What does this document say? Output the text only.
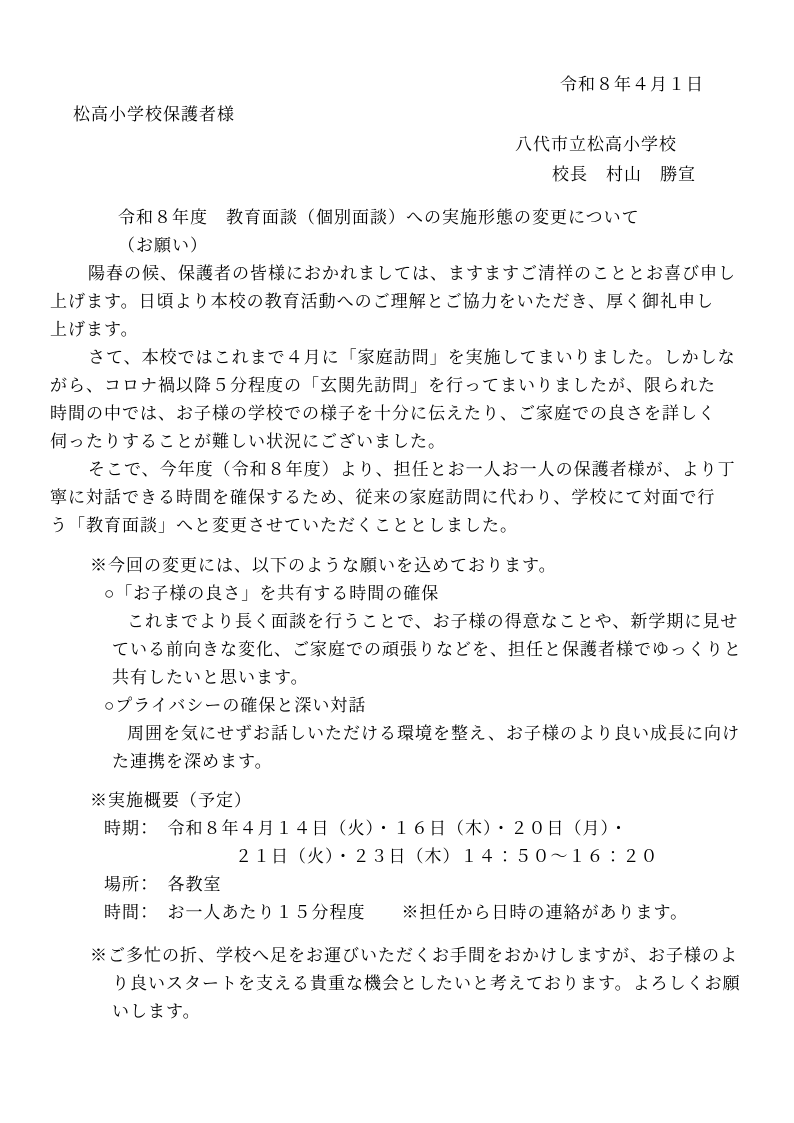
令和８年４月１日
松高小学校保護者様
八代市立松高小学校
校長　村山　勝宣
令和８年度　教育面談（個別面談）への実施形態の変更について
（お願い）
陽春の候、保護者の皆様におかれましては、ますますご清祥のこととお喜び申し
上げます。日頃より本校の教育活動へのご理解とご協力をいただき、厚く御礼申し
上げます。
さて、本校ではこれまで４月に「家庭訪問」を実施してまいりました。しかしな
がら、コロナ禍以降５分程度の「玄関先訪問」を行ってまいりましたが、限られた
時間の中では、お子様の学校での様子を十分に伝えたり、ご家庭での良さを詳しく
伺ったりすることが難しい状況にございました。
そこで、今年度（令和８年度）より、担任とお一人お一人の保護者様が、より丁
寧に対話できる時間を確保するため、従来の家庭訪問に代わり、学校にて対面で行
う「教育面談」へと変更させていただくこととしました。
※今回の変更には、以下のような願いを込めております。
○「お子様の良さ」を共有する時間の確保
これまでより長く面談を行うことで、お子様の得意なことや、新学期に見せ
ている前向きな変化、ご家庭での頑張りなどを、担任と保護者様でゆっくりと
共有したいと思います。
○プライバシーの確保と深い対話
周囲を気にせずお話しいただける環境を整え、お子様のより良い成長に向け
た連携を深めます。
※実施概要（予定）
時期：　令和８年４月１４日（火）・１６日（木）・２０日（月）・
２１日（火）・２３日（木）１４：５０～１６：２０
場所：　各教室
時間：　お一人あたり１５分程度　　※担任から日時の連絡があります。
※ご多忙の折、学校へ足をお運びいただくお手間をおかけしますが、お子様のよ
り良いスタートを支える貴重な機会としたいと考えております。よろしくお願
いします。
